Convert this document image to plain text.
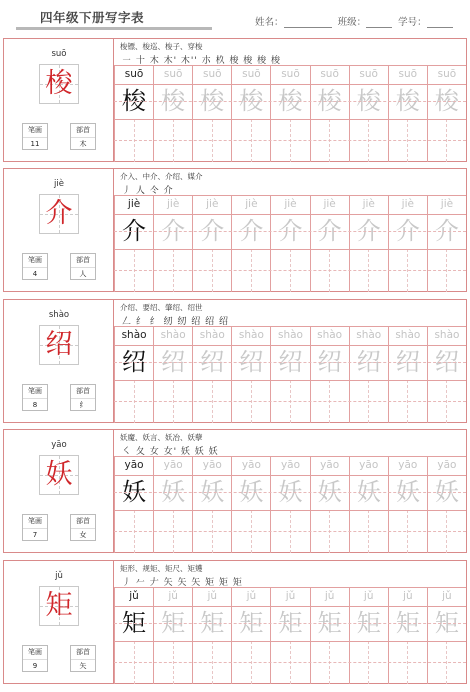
四年级下册写字表	姓名：	班级：	学号：
suō
梭
笔画
11
部首
木
梭镖、梭巡、梭子、穿梭
㇐ 十 木 木' 木'' 朩 杦 梭 梭 梭 梭
suō	suō	suō	suō	suō	suō	suō	suō	suō
梭 梭 梭 梭 梭 梭 梭 梭 梭
jiè
介
笔画
4
部首
人
介入、中介、介绍、媒介
丿 人 仒 介
jiè	jiè	jiè	jiè	jiè	jiè	jiè	jiè	jiè
介 介 介 介 介 介 介 介 介
shào
绍
笔画
8
部首
纟
介绍、要绍、肇绍、绍世
𠃋 纟 纟 纫 纫 绍 绍 绍
shào	shào	shào	shào	shào	shào	shào	shào	shào
绍 绍 绍 绍 绍 绍 绍 绍 绍
yāo
妖
笔画
7
部首
女
妖魔、妖言、妖冶、妖孽
㇛ 夂 女 女' 妖 妖 妖
yāo	yāo	yāo	yāo	yāo	yāo	yāo	yāo	yāo
妖 妖 妖 妖 妖 妖 妖 妖 妖
jǔ
矩
笔画
9
部首
矢
矩形、规矩、矩尺、矩矱
丿 𠂉 𠂇 矢 矢 矢 矩 矩 矩
jǔ	jǔ	jǔ	jǔ	jǔ	jǔ	jǔ	jǔ	jǔ
矩 矩 矩 矩 矩 矩 矩 矩 矩
